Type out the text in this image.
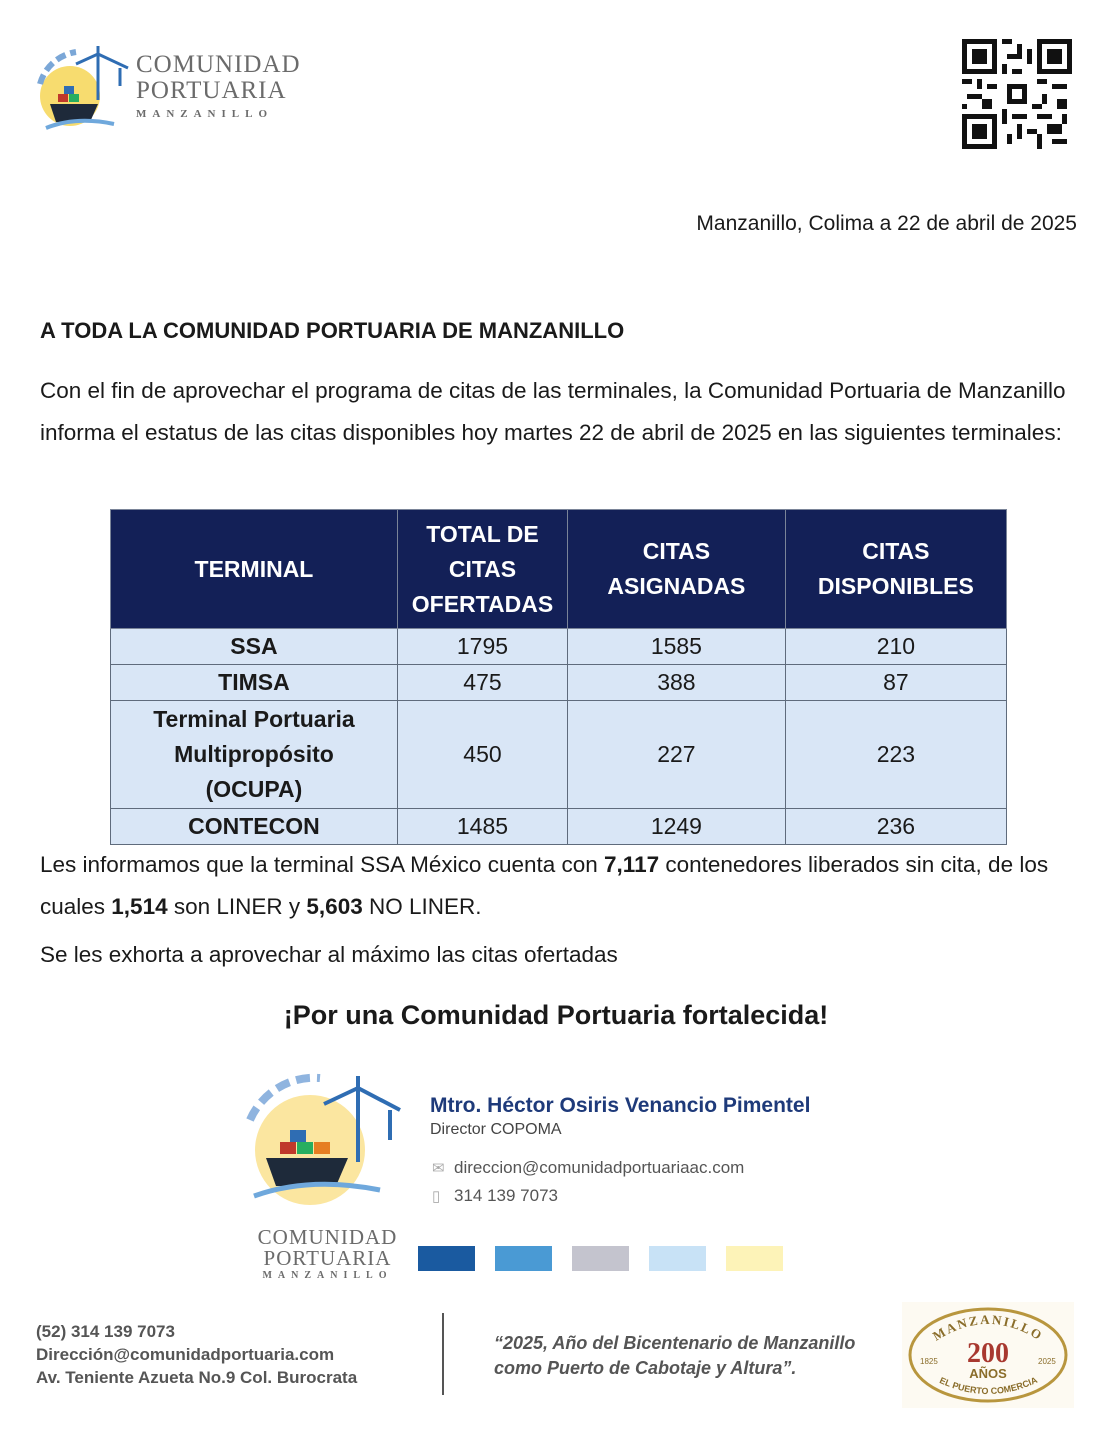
COMUNIDAD
PORTUARIA
MANZANILLO
Manzanillo, Colima a 22 de abril de 2025
A TODA LA COMUNIDAD PORTUARIA DE MANZANILLO
Con el fin de aprovechar el programa de citas de las terminales, la Comunidad Portuaria de Manzanillo informa el estatus de las citas disponibles hoy martes 22 de abril de 2025 en las siguientes terminales:
TERMINAL	TOTAL DE CITAS OFERTADAS	CITAS ASIGNADAS	CITAS DISPONIBLES
SSA	1795	1585	210
TIMSA	475	388	87
Terminal Portuaria Multipropósito (OCUPA)	450	227	223
CONTECON	1485	1249	236
Les informamos que la terminal SSA México cuenta con 7,117 contenedores liberados sin cita, de los cuales 1,514 son LINER y 5,603 NO LINER.
Se les exhorta a aprovechar al máximo las citas ofertadas
¡Por una Comunidad Portuaria fortalecida!
COMUNIDAD
PORTUARIA
MANZANILLO
Mtro. Héctor Osiris Venancio Pimentel
Director COPOMA
✉ direccion@comunidadportuariaac.com
▯ 314 139 7073
(52) 314 139 7073
Dirección@comunidadportuaria.com
Av. Teniente Azueta No.9 Col. Burocrata
“2025, Año del Bicentenario de Manzanillo
como Puerto de Cabotaje y Altura”.
MANZANILLO
200
AÑOS
1825	2025
EL PUERTO COMERCIA
